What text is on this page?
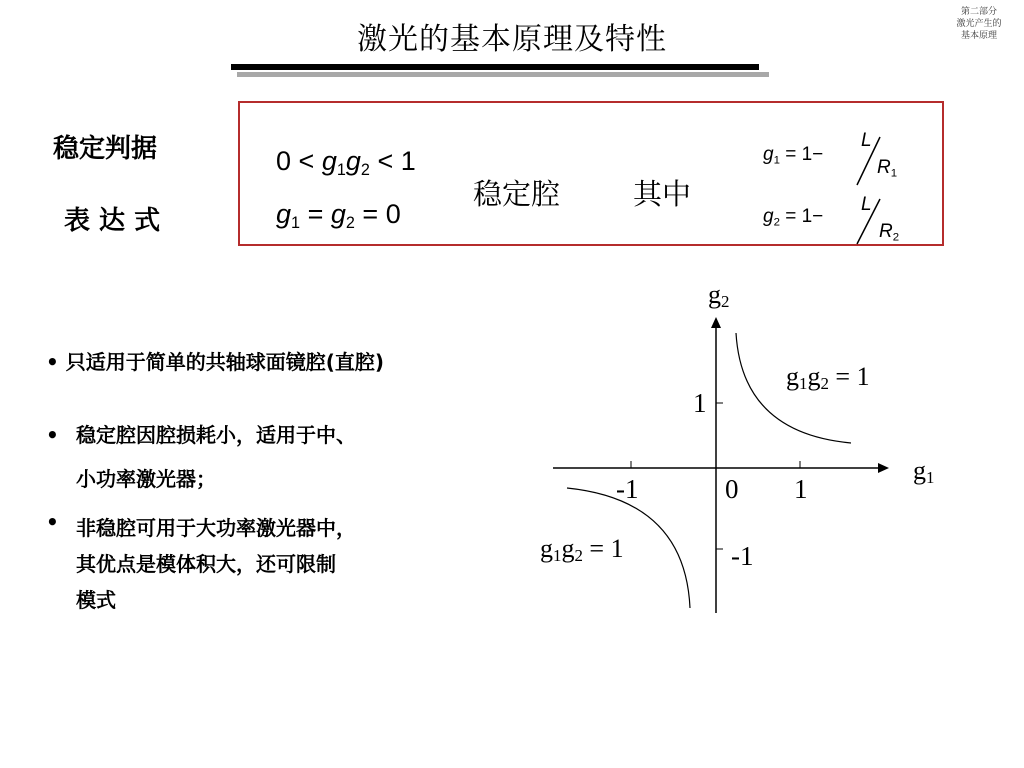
激光的基本原理及特性
第二部分
激光产生的
基本原理
稳定判据
表 达 式
$0 < g_1g_2 < 1$
$g_1 = g_2 = 0$
稳定腔	其中
$g_1 = 1-$
L
$R_1$
$g_2 = 1-$
L
$R_2$
• 只适用于简单的共轴球面镜腔(直腔)
• 稳定腔因腔损耗小，适用于中、
小功率激光器；
• 非稳腔可用于大功率激光器中，
其优点是模体积大，还可限制
模式
$g_2$
$g_1$
1
-1
-1	0 1
$g_1g_2 = 1$
$g_1g_2 = 1$
